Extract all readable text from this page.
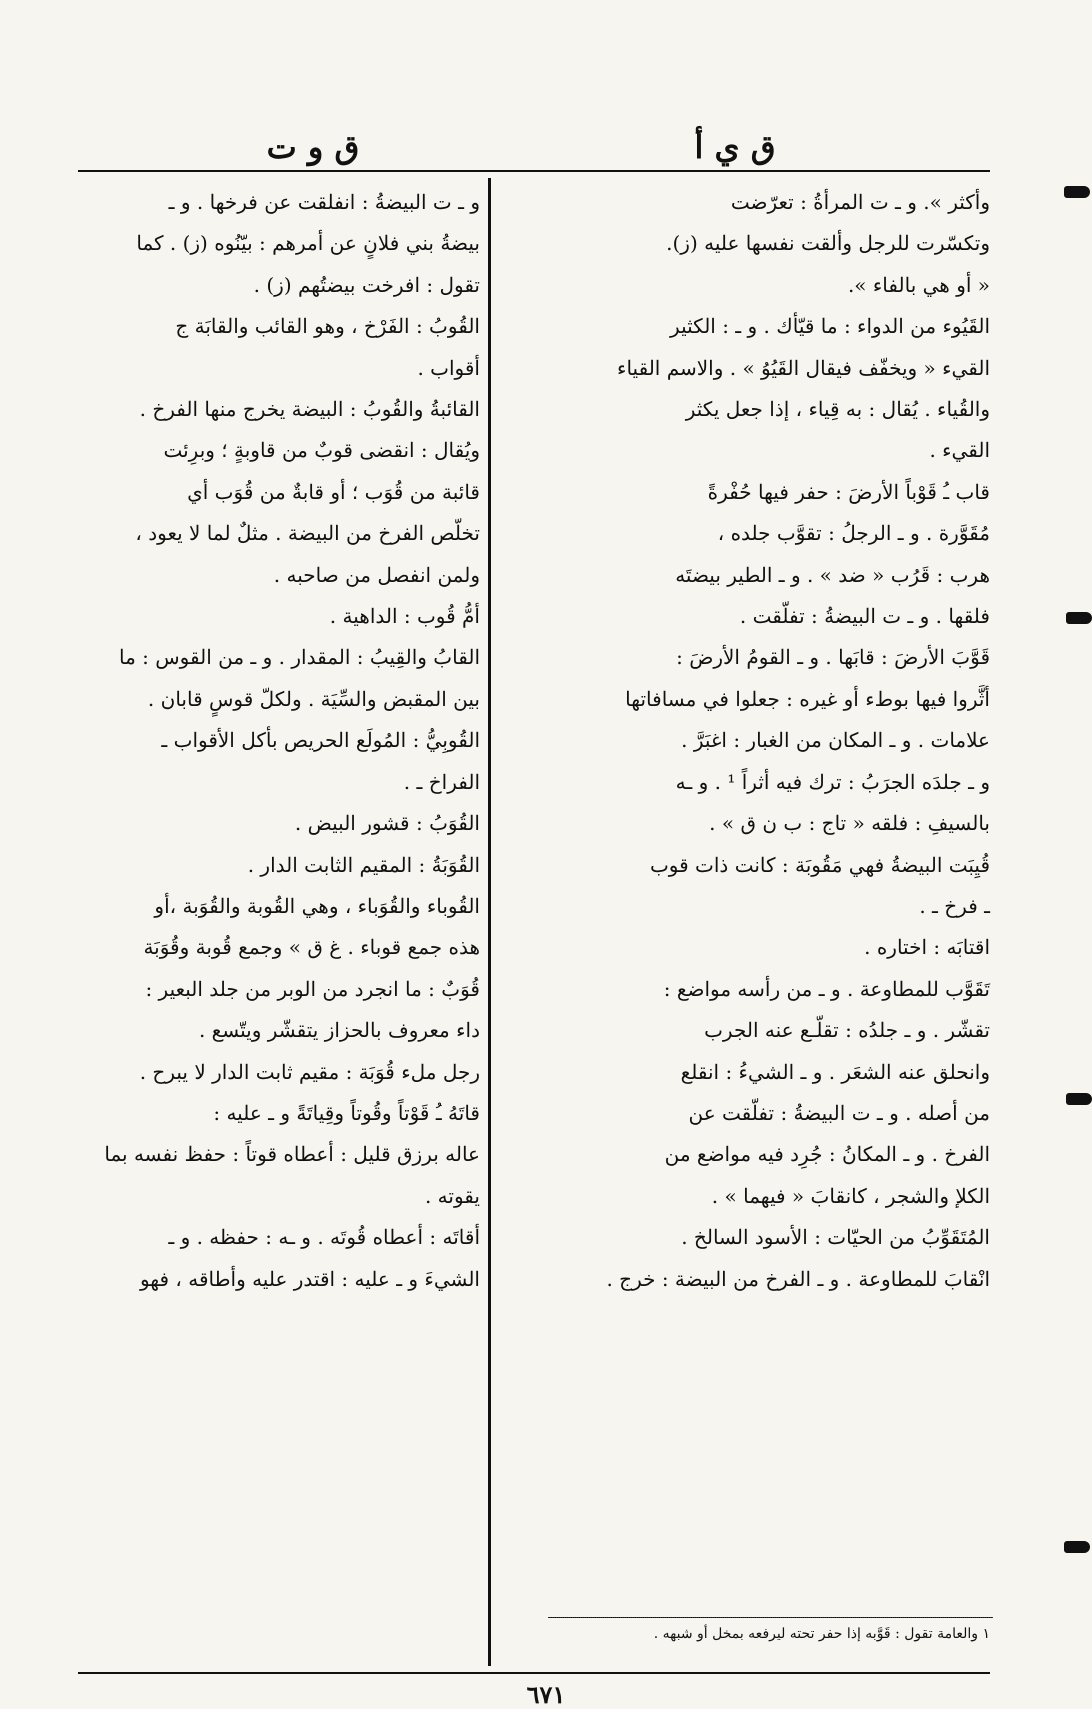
ق ي أ
ق و ت

وأكثر ». و ـ ت المرأةُ : تعرّضت

وتكسّرت للرجل وألقت نفسها عليه (ز).

« أو هي بالفاء ».

القَيُوء من الدواء : ما قيّأك . و ـ : الكثير

القيء « ويخفّف فيقال القَيُوُ » . والاسم القياء

والقُياء . يُقال : به قِياء ، إذا جعل يكثر

القيء .

قاب ـُ قَوْباً الأرضَ : حفر فيها حُفْرةً

مُقَوَّرة . و ـ الرجلُ : تقوَّب جلده ،

هرب : قَرُب « ضد » . و ـ الطير بيضتَه

فلقها . و ـ ت البيضةُ : تفلّقت .

قَوَّبَ الأرضَ : قابَها . و ـ القومُ الأرضَ :

أثَّروا فيها بوطء أو غيره : جعلوا في مسافاتها

علامات . و ـ المكان من الغبار : اغبَرَّ .

و ـ جلدَه الجرَبُ : ترك فيه أثراً ¹ . و ـه

بالسيفِ : فلقه « تاج : ب ن ق » .

قُيِبَت البيضةُ فهي مَقُوبَة : كانت ذات قوب

ـ فرخ ـ .

اقتابَه : اختاره .

تَقَوَّب للمطاوعة . و ـ من رأسه مواضع :

تقشّر . و ـ جلدُه : تقلّـع عنه الجرب

وانحلق عنه الشعَر . و ـ الشيءُ : انقلع

من أصله . و ـ ت البيضةُ : تفلّقت عن

الفرخ . و ـ المكانُ : جُرِد فيه مواضع من

الكلإ والشجر ، كانقابَ « فيهما » .

المُتَقَوِّبُ من الحيّات : الأسود السالخ .

انْقابَ للمطاوعة . و ـ الفرخ من البيضة : خرج .

و ـ ت البيضةُ : انفلقت عن فرخها . و ـ

بيضةُ بني فلانٍ عن أمرهم : بيّنُوه (ز) . كما

تقول : افرخت بيضتُهم (ز) .

القُوبُ : الفَرْخ ، وهو القائب والقابَة ج

أقواب .

القائبةُ والقُوبُ : البيضة يخرج منها الفرخ .

ويُقال : انقضى قوبٌ من قاوبةٍ ؛ وبرِئت

قائبة من قُوَب ؛ أو قابةٌ من قُوَب أي

تخلّص الفرخ من البيضة . مثلٌ لما لا يعود ،

ولمن انفصل من صاحبه .

أمُّ قُوب : الداهية .

القابُ والقِيبُ : المقدار . و ـ من القوس : ما

بين المقبض والسِّيَة . ولكلّ قوسٍ قابان .

القُوبِيُّ : المُولَع الحريص بأكل الأقواب ـ

الفراخ ـ .

القُوَبُ : قشور البيض .

القُوَبَةُ : المقيم الثابت الدار .

القُوباء والقُوَباء ، وهي القُوبة والقُوَبة ،أو

هذه جمع قوباء . غ ق » وجمع قُوبة وقُوَبَة

قُوَبٌ : ما انجرد من الوبر من جلد البعير :

داء معروف بالحزاز يتقشّر ويتّسع .

رجل ملء قُوَبَة : مقيم ثابت الدار لا يبرح .

قاتَهُ ـُ قَوْتاً وقُوتاً وقِياتَةً و ـ عليه :

عاله برزق قليل : أعطاه قوتاً : حفظ نفسه بما

يقوته .

أقاتَه : أعطاه قُوتَه . و ـه : حفظه . و ـ

الشيءَ و ـ عليه : اقتدر عليه وأطاقه ، فهو

١ والعامة تقول : قَوَّبه إذا حفر تحته ليرفعه بمخل أو شبهه .
٦٧١
